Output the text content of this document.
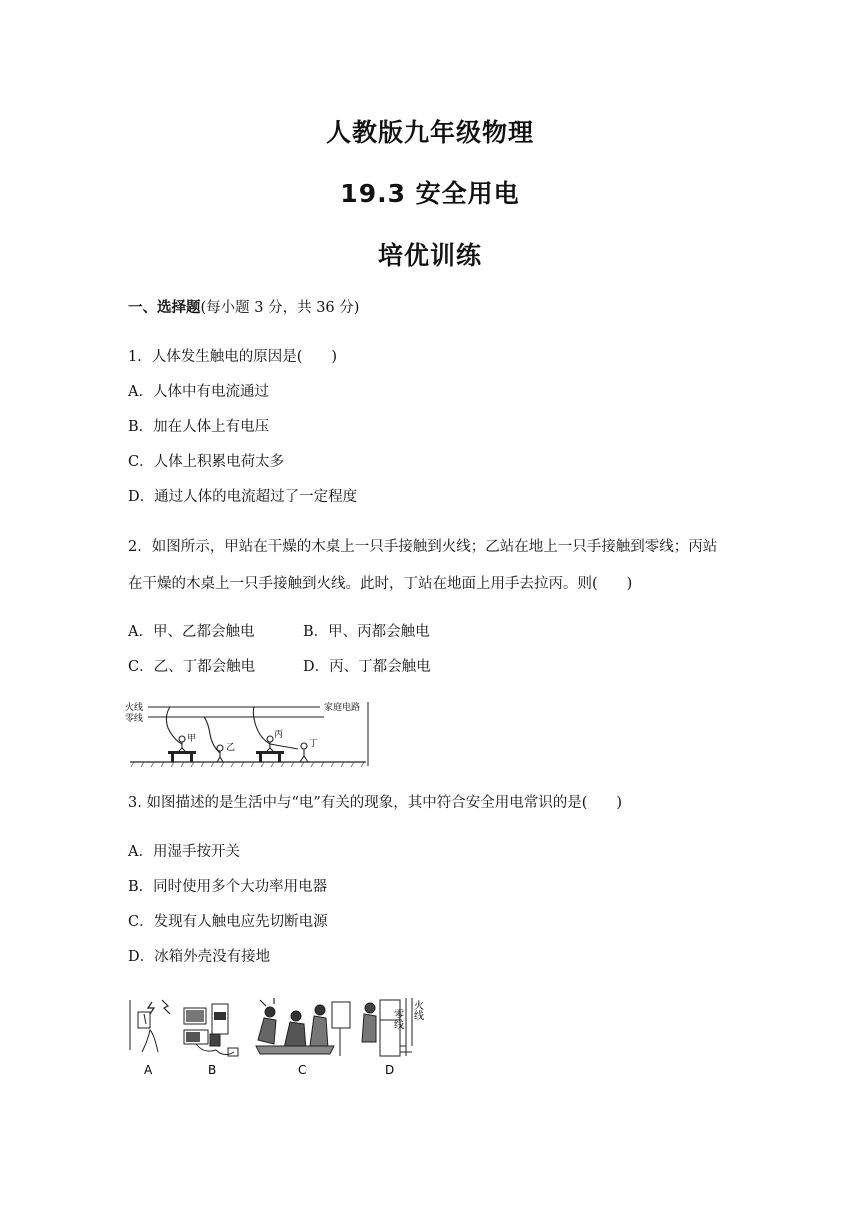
人教版九年级物理
19.3 安全用电
培优训练
一、选择题(每小题 3 分，共 36 分)
1．人体发生触电的原因是(　　)
A．人体中有电流通过
B．加在人体上有电压
C．人体上积累电荷太多
D．通过人体的电流超过了一定程度
2．如图所示，甲站在干燥的木桌上一只手接触到火线；乙站在地上一只手接触到零线；丙站
在干燥的木桌上一只手接触到火线。此时，丁站在地面上用手去拉丙。则(　　)
A．甲、乙都会触电	B．甲、丙都会触电
C．乙、丁都会触电	D．丙、丁都会触电
火线
零线
家庭电路
甲
乙
丙
丁
3. 如图描述的是生活中与“电”有关的现象，其中符合安全用电常识的是(　　)
A．用湿手按开关
B．同时使用多个大功率用电器
C．发现有人触电应先切断电源
D．冰箱外壳没有接地
A	B	C
零线 火线
D
